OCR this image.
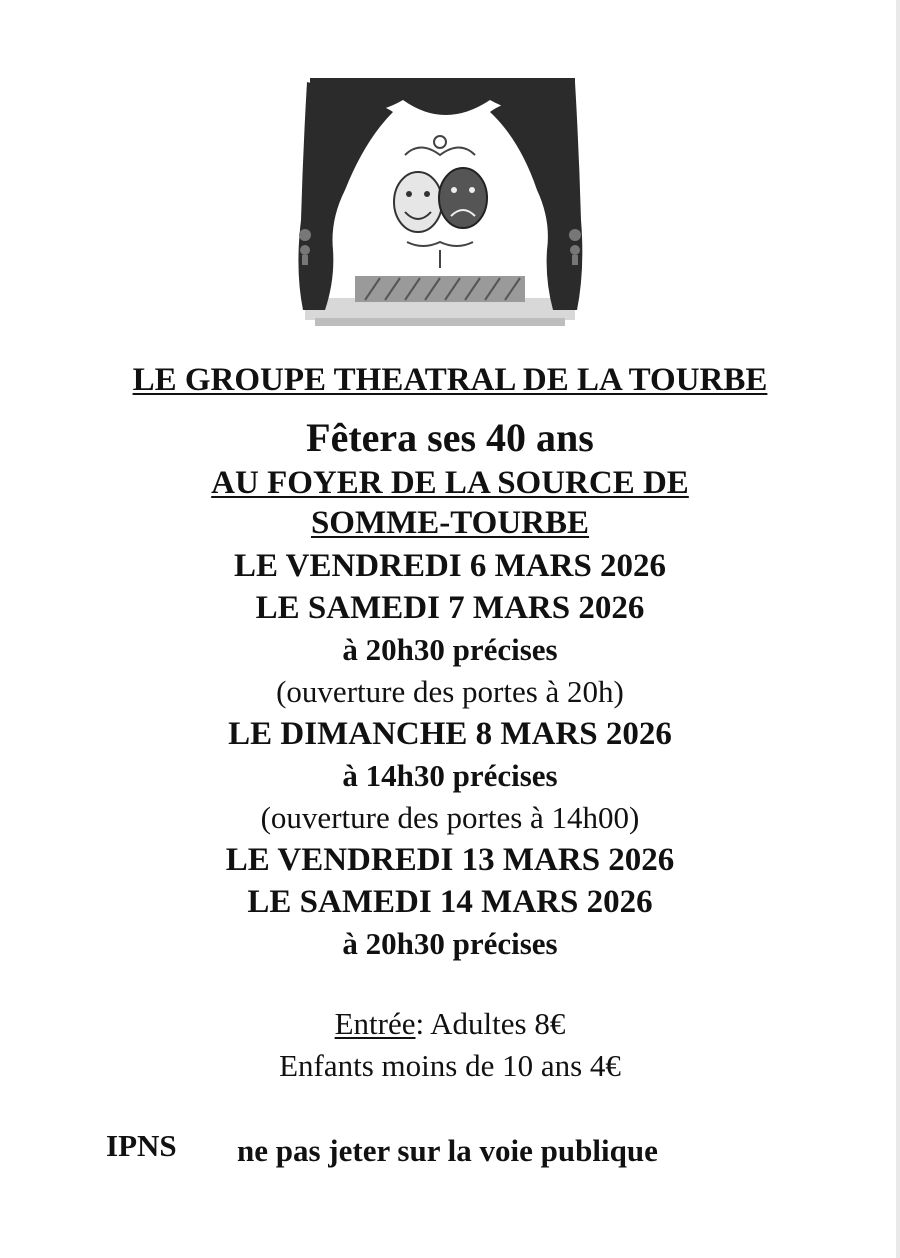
LE GROUPE THEATRAL DE LA TOURBE
Fêtera ses 40 ans
AU FOYER DE LA SOURCE DE
SOMME-TOURBE
LE VENDREDI 6 MARS 2026
LE SAMEDI 7 MARS 2026
à 20h30 précises
(ouverture des portes à 20h)
LE DIMANCHE 8 MARS 2026
à 14h30 précises
(ouverture des portes à 14h00)
LE VENDREDI 13 MARS 2026
LE SAMEDI 14 MARS 2026
à 20h30 précises
Entrée: Adultes 8€
Enfants moins de 10 ans 4€
IPNS ne pas jeter sur la voie publique
